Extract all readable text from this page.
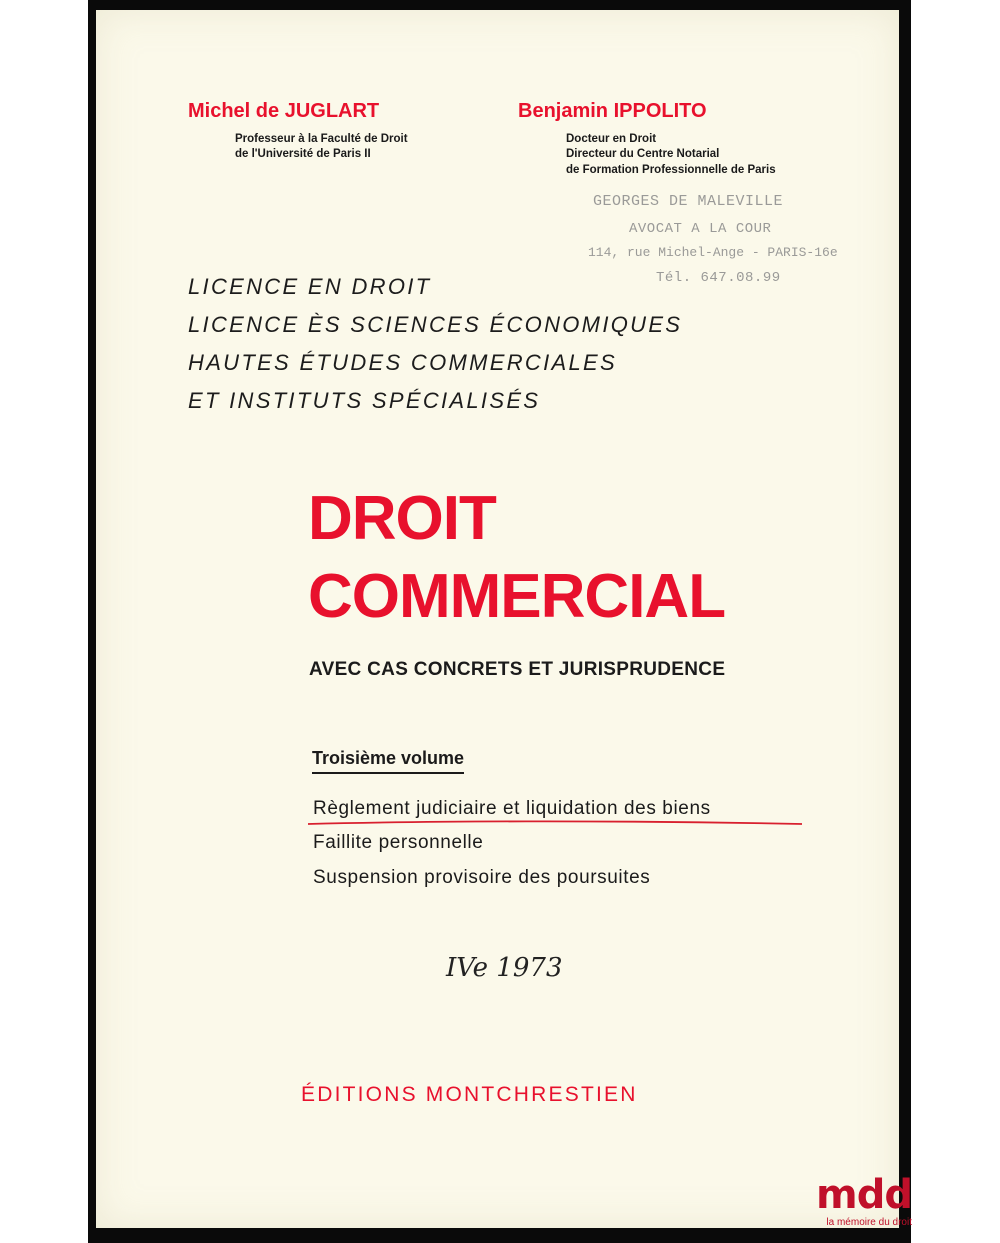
Michel de JUGLART
Professeur à la Faculté de Droit
de l'Université de Paris II
Benjamin IPPOLITO
Docteur en Droit
Directeur du Centre Notarial
de Formation Professionnelle de Paris
GEORGES DE MALEVILLE
AVOCAT A LA COUR
114, rue Michel-Ange - PARIS-16e
Tél. 647.08.99
LICENCE EN DROIT
LICENCE ÈS SCIENCES ÉCONOMIQUES
HAUTES ÉTUDES COMMERCIALES
ET INSTITUTS SPÉCIALISÉS
DROIT
COMMERCIAL
AVEC CAS CONCRETS ET JURISPRUDENCE
Troisième volume
Règlement judiciaire et liquidation des biens
Faillite personnelle
Suspension provisoire des poursuites
IVe 1973
ÉDITIONS MONTCHRESTIEN
mdd
la mémoire du droit
